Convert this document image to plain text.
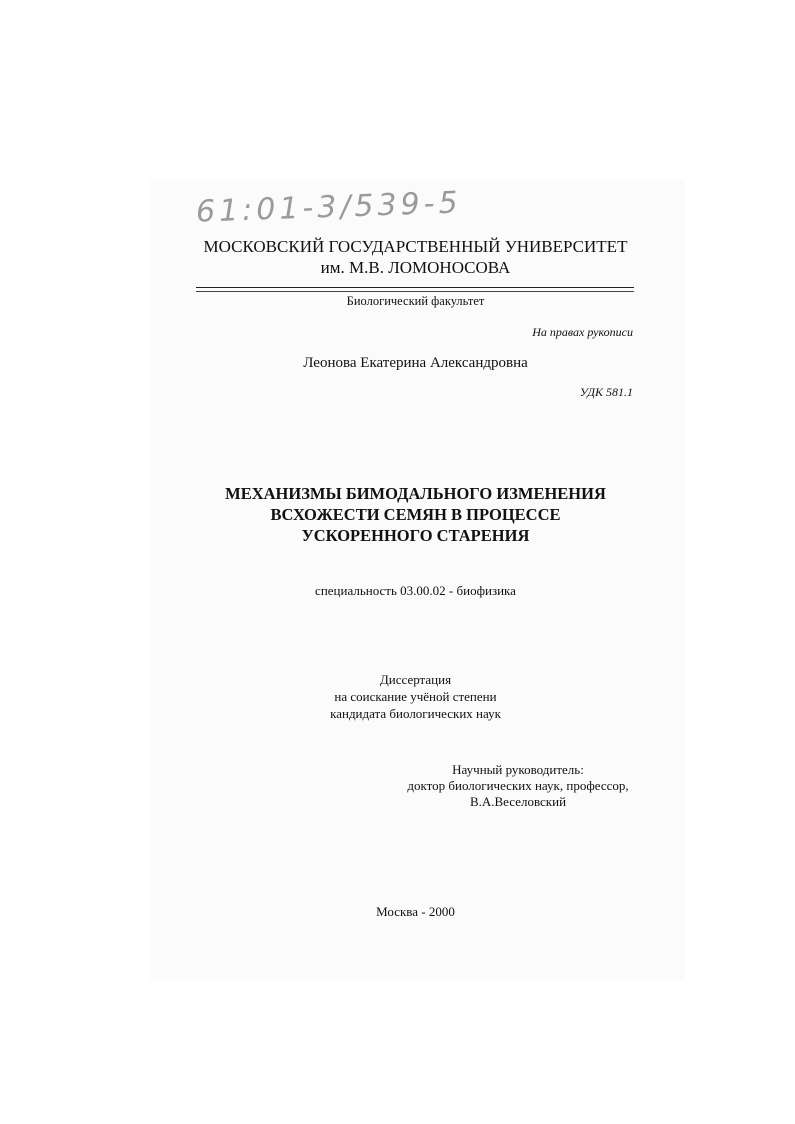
61:01-3/539-5
МОСКОВСКИЙ ГОСУДАРСТВЕННЫЙ УНИВЕРСИТЕТ
им. М.В. ЛОМОНОСОВА
Биологический факультет
На правах рукописи
Леонова Екатерина Александровна
УДК 581.1
МЕХАНИЗМЫ БИМОДАЛЬНОГО ИЗМЕНЕНИЯ
ВСХОЖЕСТИ СЕМЯН В ПРОЦЕССЕ
УСКОРЕННОГО СТАРЕНИЯ
специальность 03.00.02 - биофизика
Диссертация
на соискание учёной степени
кандидата биологических наук
Научный руководитель:
доктор биологических наук, профессор,
В.А.Веселовский
Москва - 2000
